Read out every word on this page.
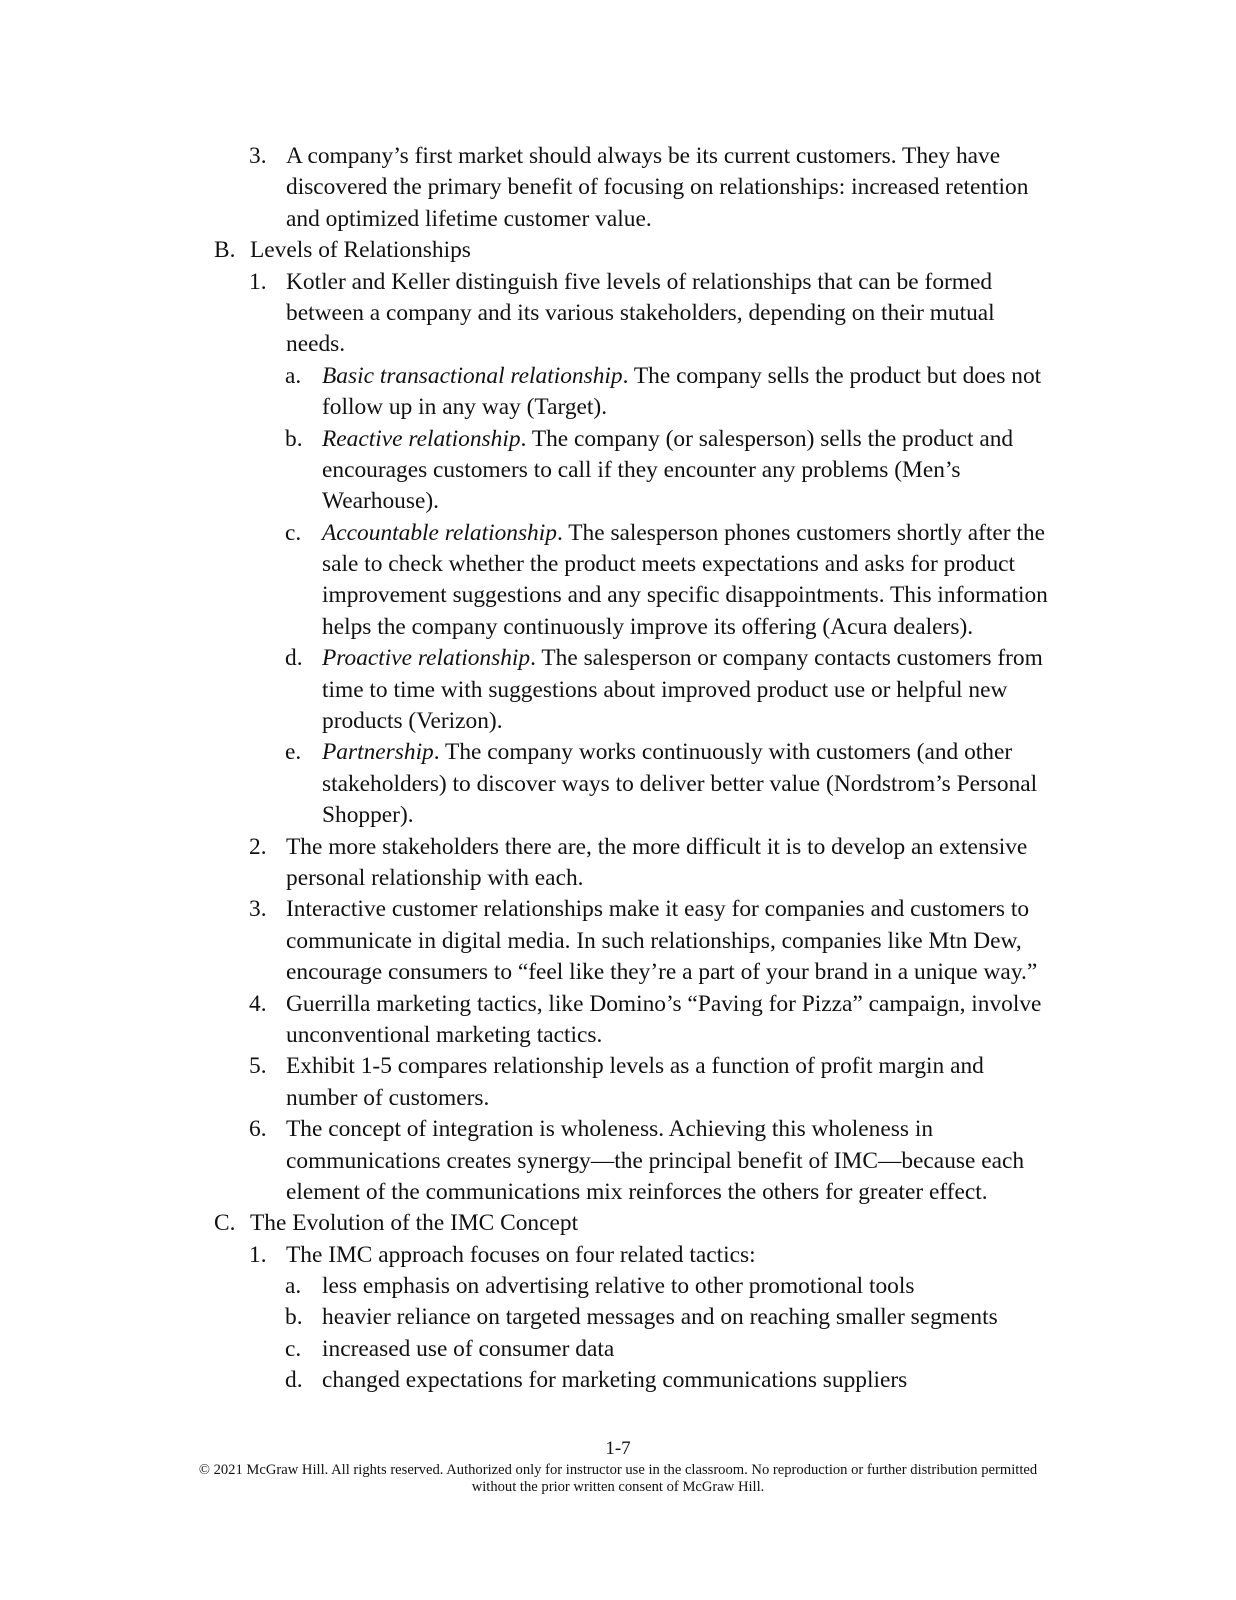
3. A company’s first market should always be its current customers. They have
discovered the primary benefit of focusing on relationships: increased retention
and optimized lifetime customer value.
B. Levels of Relationships
1. Kotler and Keller distinguish five levels of relationships that can be formed
between a company and its various stakeholders, depending on their mutual
needs.
a. Basic transactional relationship. The company sells the product but does not
follow up in any way (Target).
b. Reactive relationship. The company (or salesperson) sells the product and
encourages customers to call if they encounter any problems (Men’s
Wearhouse).
c. Accountable relationship. The salesperson phones customers shortly after the
sale to check whether the product meets expectations and asks for product
improvement suggestions and any specific disappointments. This information
helps the company continuously improve its offering (Acura dealers).
d. Proactive relationship. The salesperson or company contacts customers from
time to time with suggestions about improved product use or helpful new
products (Verizon).
e. Partnership. The company works continuously with customers (and other
stakeholders) to discover ways to deliver better value (Nordstrom’s Personal
Shopper).
2. The more stakeholders there are, the more difficult it is to develop an extensive
personal relationship with each.
3. Interactive customer relationships make it easy for companies and customers to
communicate in digital media. In such relationships, companies like Mtn Dew,
encourage consumers to “feel like they’re a part of your brand in a unique way.”
4. Guerrilla marketing tactics, like Domino’s “Paving for Pizza” campaign, involve
unconventional marketing tactics.
5. Exhibit 1-5 compares relationship levels as a function of profit margin and
number of customers.
6. The concept of integration is wholeness. Achieving this wholeness in
communications creates synergy—the principal benefit of IMC—because each
element of the communications mix reinforces the others for greater effect.
C. The Evolution of the IMC Concept
1. The IMC approach focuses on four related tactics:
a. less emphasis on advertising relative to other promotional tools
b. heavier reliance on targeted messages and on reaching smaller segments
c. increased use of consumer data
d. changed expectations for marketing communications suppliers
1-7
© 2021 McGraw Hill. All rights reserved. Authorized only for instructor use in the classroom. No reproduction or further distribution permitted
without the prior written consent of McGraw Hill.
